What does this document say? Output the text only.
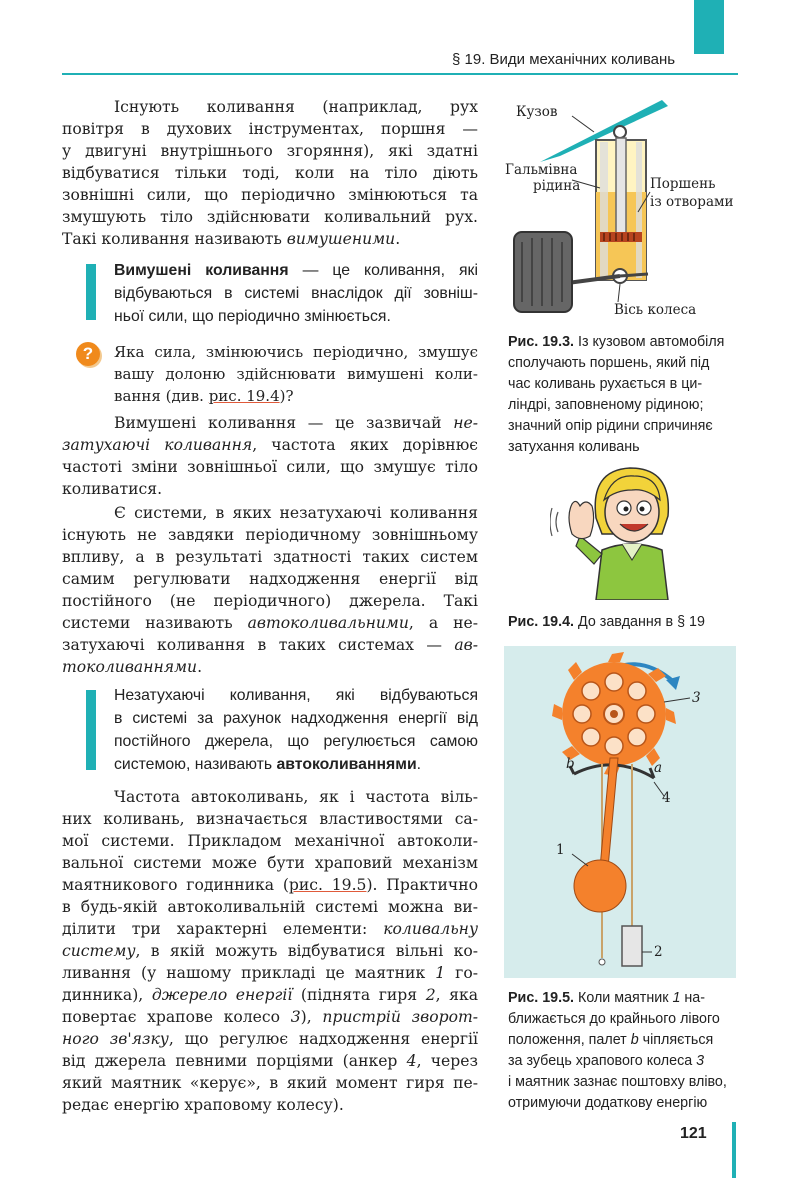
§ 19. Види механічних коливань
Існують коливання (наприклад, рух
повітря в духових інструментах, поршня —
у двигуні внутрішнього згоряння), які здатні
відбуватися тільки тоді, коли на тіло діють
зовнішні сили, що періодично змінюються та
змушують тіло здійснювати коливальний рух.
Такі коливання називають вимушеними.
Вимушені коливання — це коливання, які
відбуваються в системі внаслідок дії зовніш-
ньої сили, що періодично змінюється.
?	Яка сила, змінюючись періодично, змушує
вашу долоню здійснювати вимушені коли-
вання (див. рис. 19.4)?
Вимушені коливання — це зазвичай не-
затухаючі коливання, частота яких дорівнює
частоті зміни зовнішньої сили, що змушує тіло
коливатися.
Є системи, в яких незатухаючі коливання
існують не завдяки періодичному зовнішньому
впливу, а в результаті здатності таких систем
самим регулювати надходження енергії від
постійного (не періодичного) джерела. Такі
системи називають автоколивальними, а не-
затухаючі коливання в таких системах — ав-
токоливаннями.
Незатухаючі коливання, які відбуваються
в системі за рахунок надходження енергії від
постійного джерела, що регулюється самою
системою, називають автоколиваннями.
Частота автоколивань, як і частота віль-
них коливань, визначається властивостями са-
мої системи. Прикладом механічної автоколи-
вальної системи може бути храповий механізм
маятникового годинника (рис. 19.5). Практично
в будь-якій автоколивальній системі можна ви-
ділити три характерні елементи: коливальну
систему, в якій можуть відбуватися вільні ко-
ливання (у нашому прикладі це маятник 1 го-
динника), джерело енергії (піднята гиря 2, яка
повертає храпове колесо 3), пристрій зворот-
ного зв'язку, що регулює надходження енергії
від джерела певними порціями (анкер 4, через
який маятник «керує», в який момент гиря пе-
редає енергію храповому колесу).
Кузов
Гальмівна
рідина	Поршень
із отворами
Вісь колеса
Рис. 19.3. Із кузовом автомобіля
сполучають поршень, який під
час коливань рухається в ци-
ліндрі, заповненому рідиною;
значний опір рідини спричиняє
затухання коливань
Рис. 19.4. До завдання в § 19
3
4
1
2
b	a
Рис. 19.5. Коли маятник 1 на-
ближається до крайнього лівого
положення, палет b чіпляється
за зубець храпового колеса 3
і маятник зазнає поштовху вліво,
отримуючи додаткову енергію
121
